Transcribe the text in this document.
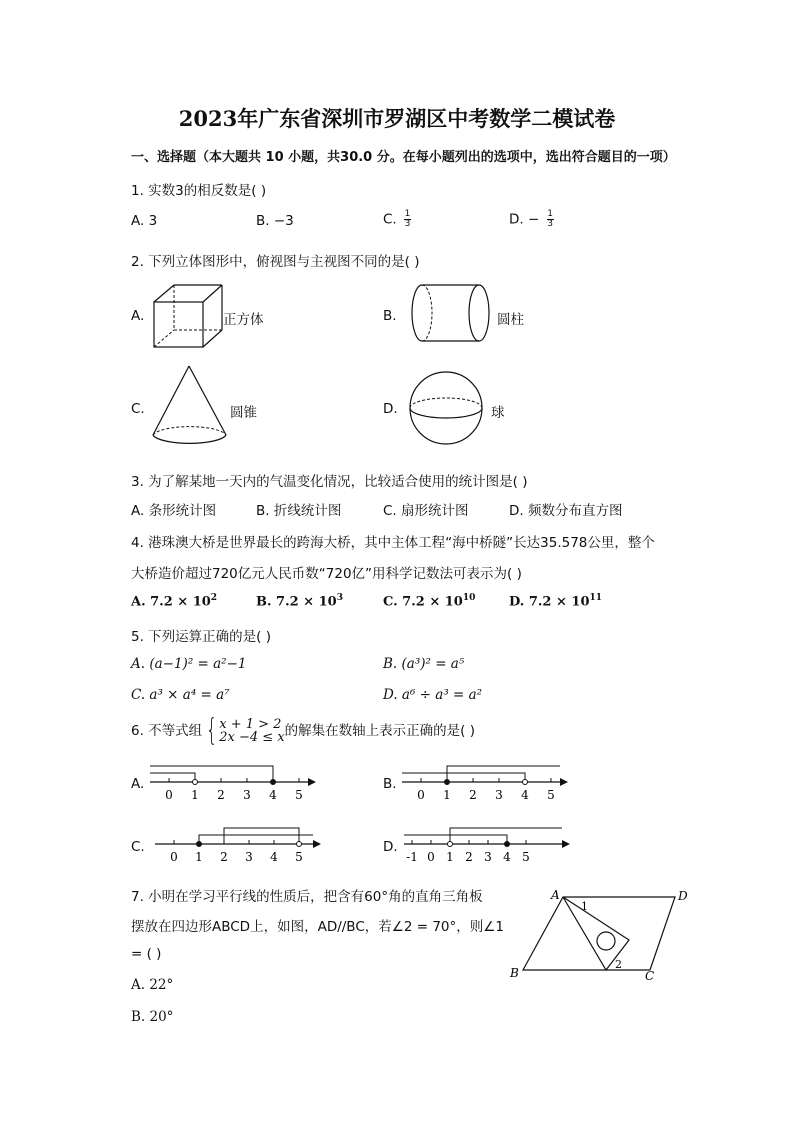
2023年广东省深圳市罗湖区中考数学二模试卷
一、选择题（本大题共 10 小题，共30.0 分。在每小题列出的选项中，选出符合题目的一项）
1. 实数3的相反数是( )
A. 3	B. −3	C. $\frac{1}{3}$	D. − $\frac{1}{3}$
2. 下列立体图形中，俯视图与主视图不同的是( )
A.	正方体	B.	圆柱
C.	圆锥	D.	球
3. 为了解某地一天内的气温变化情况，比较适合使用的统计图是( )
A. 条形统计图	B. 折线统计图	C. 扇形统计图	D. 频数分布直方图
4. 港珠澳大桥是世界最长的跨海大桥，其中主体工程“海中桥隧”长达35.578公里，整个
大桥造价超过720亿元人民币数“720亿”用科学记数法可表示为( )
A. $7.2 \times 10^2$	B. $7.2 \times 10^3$	C. $7.2 \times 10^{10}$	D. $7.2 \times 10^{11}$
5. 下列运算正确的是( )
A. (a−1)² = a²−1	B. (a³)² = a⁵
C. a³ × a⁴ = a⁷	D. a⁶ ÷ a³ = a²
6. 不等式组 { x + 1 > 2
2x −4 ≤ x 的解集在数轴上表示正确的是( )
A.	B.
C.	D.
0 1 2 3 4 5	0 1 2 3 4 5
0 1 2 3 4 5	-1 0 1 2 3 4 5
7. 小明在学习平行线的性质后，把含有60°角的直角三角板
摆放在四边形ABCD上，如图，AD//BC，若∠2 = 70°，则∠1
= ( )
A. 22°
B. 20°
A	D
B	C
1
2
